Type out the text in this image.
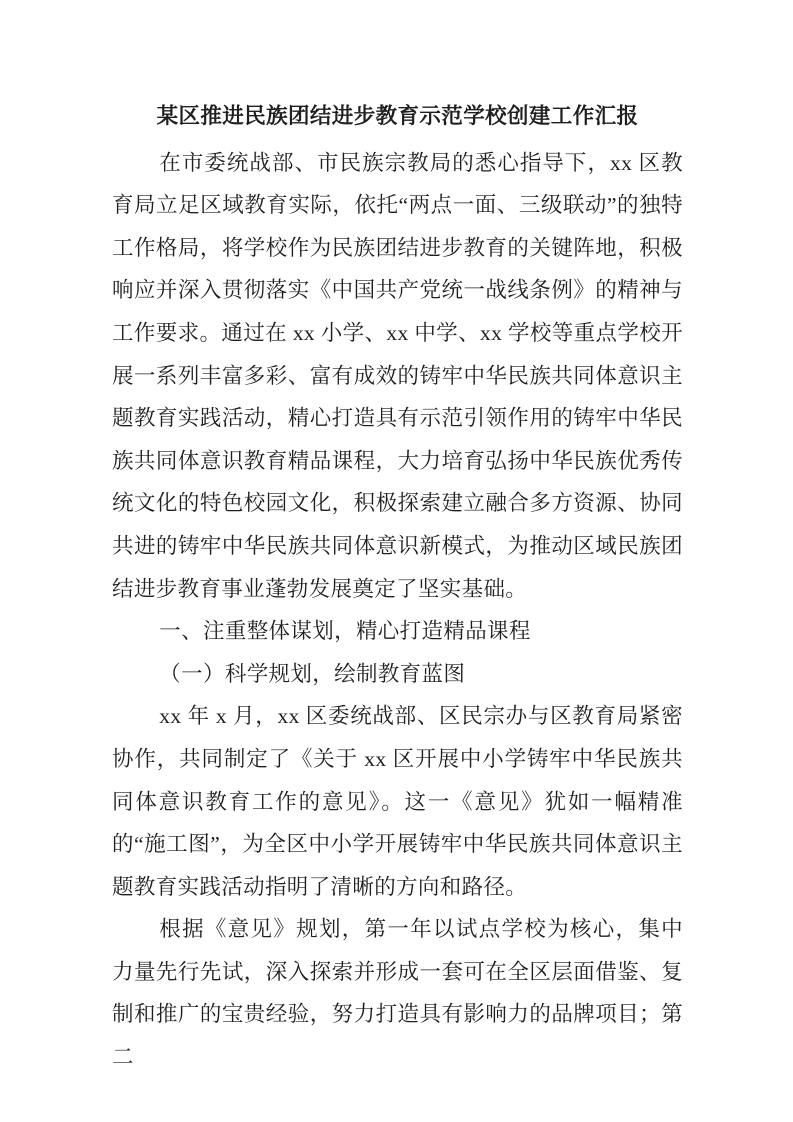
某区推进民族团结进步教育示范学校创建工作汇报

在市委统战部、市民族宗教局的悉心指导下，xx 区教育局立足区域教育实际，依托“两点一面、三级联动”的独特工作格局，将学校作为民族团结进步教育的关键阵地，积极响应并深入贯彻落实《中国共产党统一战线条例》的精神与工作要求。通过在 xx 小学、xx 中学、xx 学校等重点学校开展一系列丰富多彩、富有成效的铸牢中华民族共同体意识主题教育实践活动，精心打造具有示范引领作用的铸牢中华民族共同体意识教育精品课程，大力培育弘扬中华民族优秀传统文化的特色校园文化，积极探索建立融合多方资源、协同共进的铸牢中华民族共同体意识新模式，为推动区域民族团结进步教育事业蓬勃发展奠定了坚实基础。

一、注重整体谋划，精心打造精品课程

（一）科学规划，绘制教育蓝图

xx 年 x 月，xx 区委统战部、区民宗办与区教育局紧密协作，共同制定了《关于 xx 区开展中小学铸牢中华民族共同体意识教育工作的意见》。这一《意见》犹如一幅精准的“施工图”，为全区中小学开展铸牢中华民族共同体意识主题教育实践活动指明了清晰的方向和路径。

根据《意见》规划，第一年以试点学校为核心，集中力量先行先试，深入探索并形成一套可在全区层面借鉴、复制和推广的宝贵经验，努力打造具有影响力的品牌项目；第二
